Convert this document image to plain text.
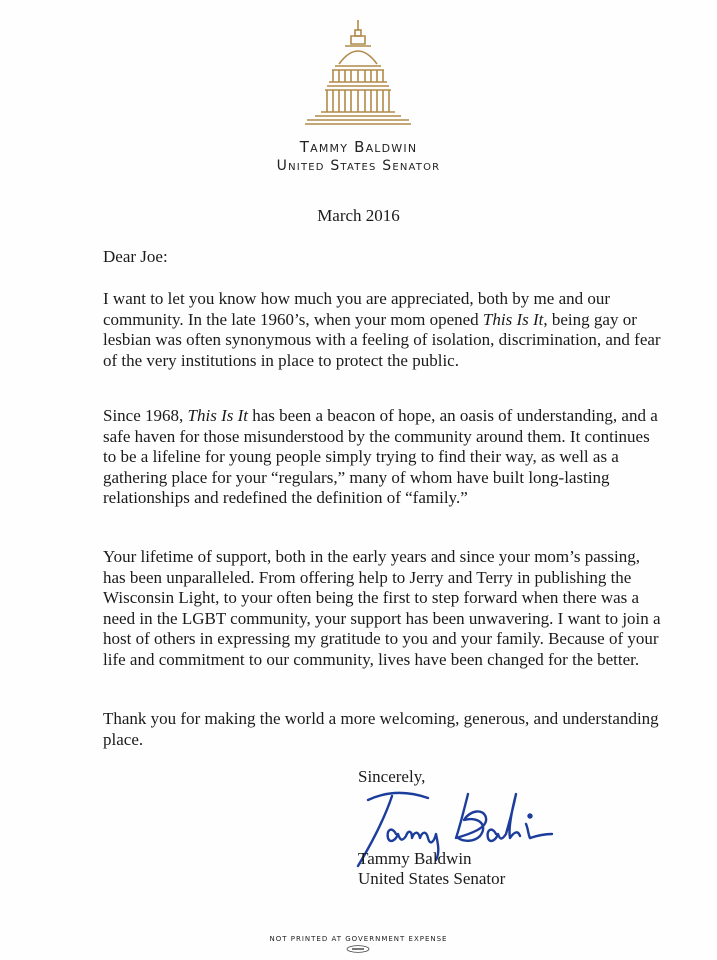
Tammy Baldwin
United States Senator
March 2016
Dear Joe:

I want to let you know how much you are appreciated, both by me and our community. In the late 1960’s, when your mom opened This Is It, being gay or lesbian was often synonymous with a feeling of isolation, discrimination, and fear of the very institutions in place to protect the public.

Since 1968, This Is It has been a beacon of hope, an oasis of understanding, and a safe haven for those misunderstood by the community around them. It continues to be a lifeline for young people simply trying to find their way, as well as a gathering place for your “regulars,” many of whom have built long-lasting relationships and redefined the definition of “family.”

Your lifetime of support, both in the early years and since your mom’s passing, has been unparalleled. From offering help to Jerry and Terry in publishing the Wisconsin Light, to your often being the first to step forward when there was a need in the LGBT community, your support has been unwavering. I want to join a host of others in expressing my gratitude to you and your family. Because of your life and commitment to our community, lives have been changed for the better.

Thank you for making the world a more welcoming, generous, and understanding place.

Sincerely,
Tammy Baldwin
United States Senator
NOT PRINTED AT GOVERNMENT EXPENSE
